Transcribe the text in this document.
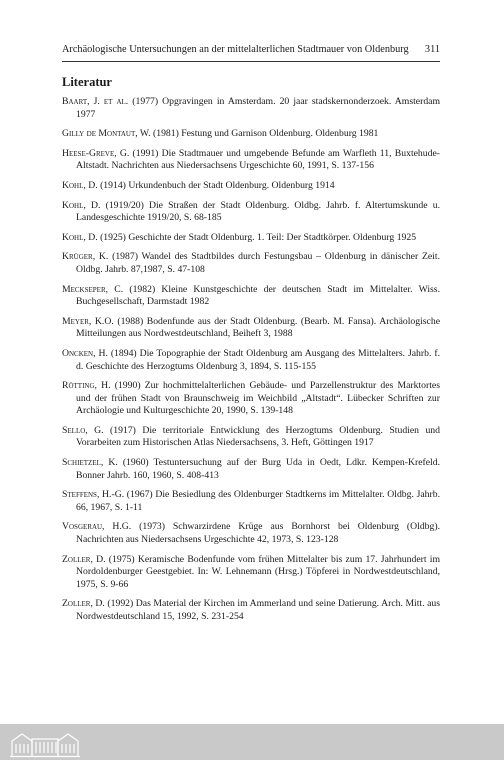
Archäologische Untersuchungen an der mittelalterlichen Stadtmauer von Oldenburg 311
Literatur
Baart, J. et al. (1977) Opgravingen in Amsterdam. 20 jaar stadskernonderzoek. Amsterdam 1977
Gilly de Montaut, W. (1981) Festung und Garnison Oldenburg. Oldenburg 1981
Heese-Greve, G. (1991) Die Stadtmauer und umgebende Befunde am Warfleth 11, Buxtehude-Altstadt. Nachrichten aus Niedersachsens Urgeschichte 60, 1991, S. 137-156
Kohl, D. (1914) Urkundenbuch der Stadt Oldenburg. Oldenburg 1914
Kohl, D. (1919/20) Die Straßen der Stadt Oldenburg. Oldbg. Jahrb. f. Altertumskunde u. Landesgeschichte 1919/20, S. 68-185
Kohl, D. (1925) Geschichte der Stadt Oldenburg. 1. Teil: Der Stadtkörper. Oldenburg 1925
Krüger, K. (1987) Wandel des Stadtbildes durch Festungsbau – Oldenburg in dänischer Zeit. Oldbg. Jahrb. 87,1987, S. 47-108
Meckseper, C. (1982) Kleine Kunstgeschichte der deutschen Stadt im Mittelalter. Wiss. Buchgesellschaft, Darmstadt 1982
Meyer, K.O. (1988) Bodenfunde aus der Stadt Oldenburg. (Bearb. M. Fansa). Archäologische Mitteilungen aus Nordwestdeutschland, Beiheft 3, 1988
Oncken, H. (1894) Die Topographie der Stadt Oldenburg am Ausgang des Mittelalters. Jahrb. f. d. Geschichte des Herzogtums Oldenburg 3, 1894, S. 115-155
Rötting, H. (1990) Zur hochmittelalterlichen Gebäude- und Parzellenstruktur des Marktortes und der frühen Stadt von Braunschweig im Weichbild „Altstadt“. Lübecker Schriften zur Archäologie und Kulturgeschichte 20, 1990, S. 139-148
Sello, G. (1917) Die territoriale Entwicklung des Herzogtums Oldenburg. Studien und Vorarbeiten zum Historischen Atlas Niedersachsens, 3. Heft, Göttingen 1917
Schietzel, K. (1960) Testuntersuchung auf der Burg Uda in Oedt, Ldkr. Kempen-Krefeld. Bonner Jahrb. 160, 1960, S. 408-413
Steffens, H.-G. (1967) Die Besiedlung des Oldenburger Stadtkerns im Mittelalter. Oldbg. Jahrb. 66, 1967, S. 1-11
Vosgerau, H.G. (1973) Schwarzirdene Krüge aus Bornhorst bei Oldenburg (Oldbg). Nachrichten aus Niedersachsens Urgeschichte 42, 1973, S. 123-128
Zoller, D. (1975) Keramische Bodenfunde vom frühen Mittelalter bis zum 17. Jahrhundert im Nordoldenburger Geestgebiet. In: W. Lehnemann (Hrsg.) Töpferei in Nordwestdeutschland, 1975, S. 9-66
Zoller, D. (1992) Das Material der Kirchen im Ammerland und seine Datierung. Arch. Mitt. aus Nordwestdeutschland 15, 1992, S. 231-254
